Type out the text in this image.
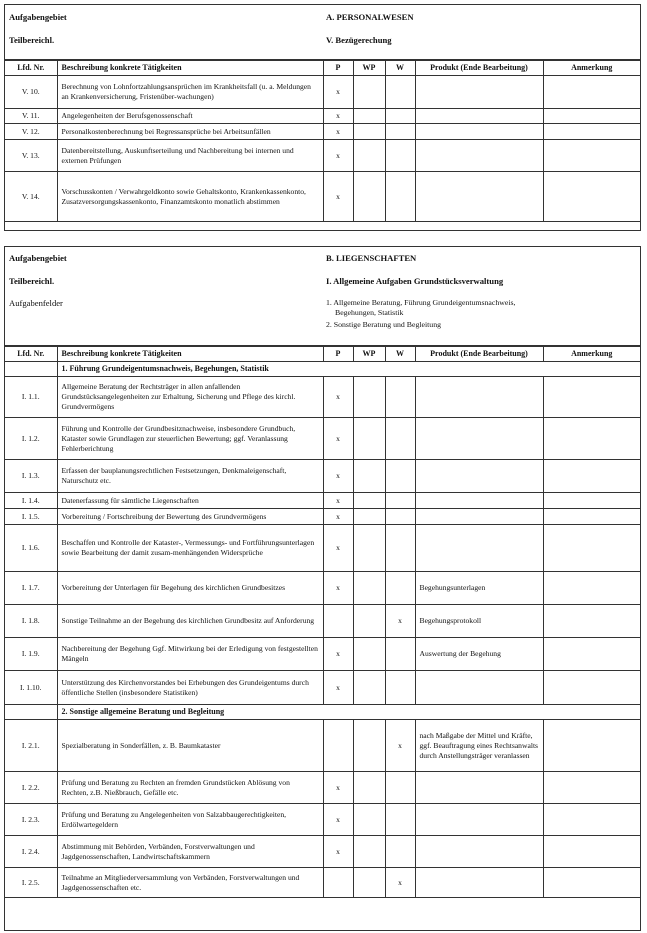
Aufgabengebiet
Teilbereichl.
A. PERSONALWESEN
V. Bezügerechung
Lfd. Nr.	Beschreibung konkrete Tätigkeiten	P	WP	W	Produkt (Ende Bearbeitung)	Anmerkung
V. 10.	Berechnung von Lohnfortzahlungsansprüchen im Krankheitsfall (u. a. Meldungen an Krankenversicherung, Fristenüber-wachungen)	x				
V. 11.	Angelegenheiten der Berufsgenossenschaft	x				
V. 12.	Personalkostenberechnung bei Regressansprüche bei Arbeitsunfällen	x				
V. 13.	Datenbereitstellung, Auskunftserteilung und Nachbereitung bei internen und externen Prüfungen	x				
V. 14.	Vorschusskonten / Verwahrgeldkonto sowie Gehaltskonto, Krankenkassenkonto, Zusatzversorgungskassenkonto, Finanzamtskonto monatlich abstimmen	x				
Aufgabengebiet
Teilbereichl.
Aufgabenfelder
B. LIEGENSCHAFTEN
I. Allgemeine Aufgaben Grundstücksverwaltung
1. Allgemeine Beratung, Führung Grundeigentumsnachweis,
Begehungen, Statistik
2. Sonstige Beratung und Begleitung
Lfd. Nr.	Beschreibung konkrete Tätigkeiten	P	WP	W	Produkt (Ende Bearbeitung)	Anmerkung
	1. Führung Grundeigentumsnachweis, Begehungen, Statistik					
I. 1.1.	Allgemeine Beratung der Rechtsträger in allen anfallenden Grundstücksangelegenheiten zur Erhaltung, Sicherung und Pflege des kirchl. Grundvermögens	x				
I. 1.2.	Führung und Kontrolle der Grundbesitznachweise, insbesondere Grundbuch, Kataster sowie Grundlagen zur steuerlichen Bewertung; ggf. Veranlassung Fehlerberichtung	x				
I. 1.3.	Erfassen der bauplanungsrechtlichen Festsetzungen, Denkmaleigenschaft, Naturschutz etc.	x				
I. 1.4.	Datenerfassung für sämtliche Liegenschaften	x				
I. 1.5.	Vorbereitung / Fortschreibung der Bewertung des Grundvermögens	x				
I. 1.6.	Beschaffen und Kontrolle der Kataster-, Vermessungs- und Fortführungsunterlagen sowie Bearbeitung der damit zusam-menhängenden Widersprüche	x				
I. 1.7.	Vorbereitung der Unterlagen für Begehung des kirchlichen Grundbesitzes	x			Begehungsunterlagen	
I. 1.8.	Sonstige Teilnahme an der Begehung des kirchlichen Grundbesitz auf Anforderung			x	Begehungsprotokoll	
I. 1.9.	Nachbereitung der Begehung Ggf. Mitwirkung bei der Erledigung von festgestellten Mängeln	x			Auswertung der Begehung	
I. 1.10.	Unterstützung des Kirchenvorstandes bei Erhebungen des Grundeigentums durch öffentliche Stellen (insbesondere Statistiken)	x				
	2. Sonstige allgemeine Beratung und Begleitung					
I. 2.1.	Spezialberatung in Sonderfällen, z. B. Baumkataster			x	nach Maßgabe der Mittel und Kräfte, ggf. Beauftragung eines Rechtsanwalts durch Anstellungsträger veranlassen	
I. 2.2.	Prüfung und Beratung zu Rechten an fremden Grundstücken Ablösung von Rechten, z.B. Nießbrauch, Gefälle etc.	x				
I. 2.3.	Prüfung und Beratung zu Angelegenheiten von Salzabbaugerechtigkeiten, Erdölwartegeldern	x				
I. 2.4.	Abstimmung mit Behörden, Verbänden, Forstverwaltungen und Jagdgenossenschaften, Landwirtschaftskammern	x				
I. 2.5.	Teilnahme an Mitgliederversammlung von Verbänden, Forstverwaltungen und Jagdgenossenschaften etc.			x		
